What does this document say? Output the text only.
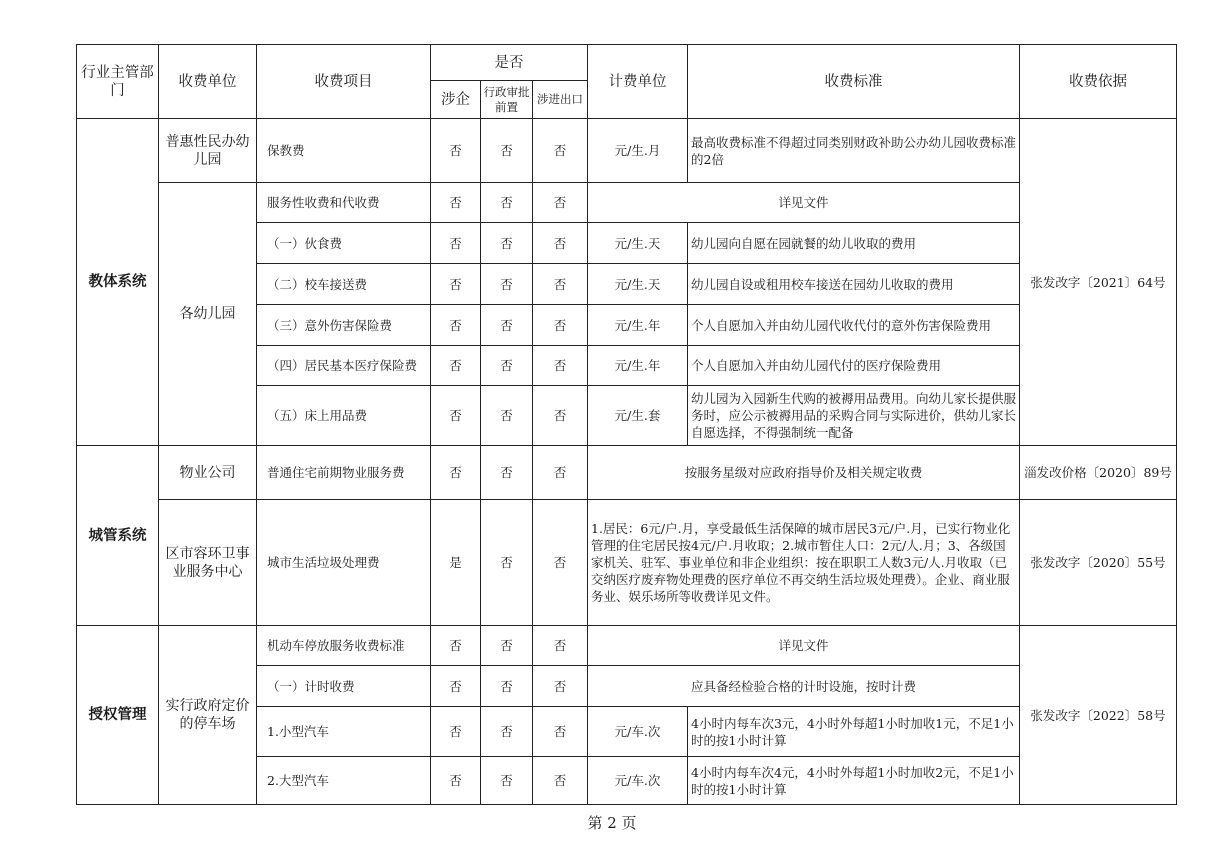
行业主管部门	收费单位	收费项目	是否			计费单位	收费标准	收费依据
			涉企	行政审批前置	涉进出口			
教体系统	普惠性民办幼儿园	保教费	否	否	否	元/生.月	最高收费标准不得超过同类别财政补助公办幼儿园收费标准的2倍	张发改字〔2021〕64号
	各幼儿园	服务性收费和代收费	否	否	否	详见文件		
		（一）伙食费	否	否	否	元/生.天	幼儿园向自愿在园就餐的幼儿收取的费用	
		（二）校车接送费	否	否	否	元/生.天	幼儿园自设或租用校车接送在园幼儿收取的费用	
		（三）意外伤害保险费	否	否	否	元/生.年	个人自愿加入并由幼儿园代收代付的意外伤害保险费用	
		（四）居民基本医疗保险费	否	否	否	元/生.年	个人自愿加入并由幼儿园代付的医疗保险费用	
		（五）床上用品费	否	否	否	元/生.套	幼儿园为入园新生代购的被褥用品费用。向幼儿家长提供服务时，应公示被褥用品的采购合同与实际进价，供幼儿家长自愿选择，不得强制统一配备	
城管系统	物业公司	普通住宅前期物业服务费	否	否	否	按服务星级对应政府指导价及相关规定收费		淄发改价格〔2020〕89号
	区市容环卫事业服务中心	城市生活垃圾处理费	是	否	否	1.居民：6元/户.月，享受最低生活保障的城市居民3元/户.月，已实行物业化管理的住宅居民按4元/户.月收取；2.城市暂住人口：2元/人.月；3、各级国家机关、驻军、事业单位和非企业组织：按在职职工人数3元/人.月收取（已交纳医疗废弃物处理费的医疗单位不再交纳生活垃圾处理费）。企业、商业服务业、娱乐场所等收费详见文件。		张发改字〔2020〕55号
授权管理	实行政府定价的停车场	机动车停放服务收费标准	否	否	否	详见文件		张发改字〔2022〕58号
		（一）计时收费	否	否	否	应具备经检验合格的计时设施，按时计费		
		1.小型汽车	否	否	否	元/车.次	4小时内每车次3元，4小时外每超1小时加收1元，不足1小时的按1小时计算	
		2.大型汽车	否	否	否	元/车.次	4小时内每车次4元，4小时外每超1小时加收2元，不足1小时的按1小时计算	
第 2 页
